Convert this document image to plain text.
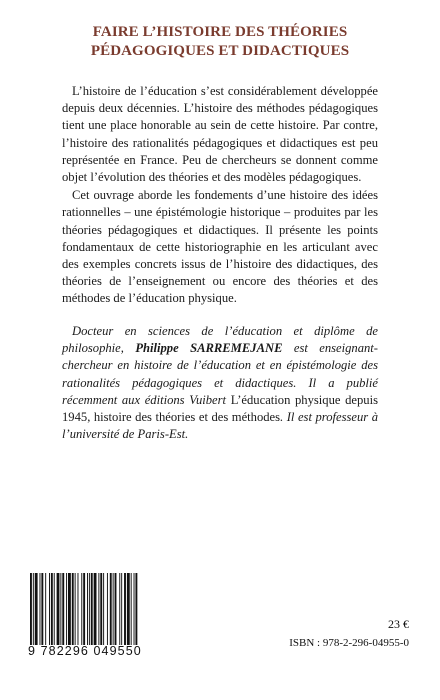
FAIRE L’HISTOIRE DES THÉORIES
PÉDAGOGIQUES ET DIDACTIQUES

L’histoire de l’éducation s’est considérablement développée depuis deux décennies. L’histoire des méthodes pédagogiques tient une place honorable au sein de cette histoire. Par contre, l’histoire des rationalités pédagogiques et didactiques est peu représentée en France. Peu de chercheurs se donnent comme objet l’évolution des théories et des modèles pédagogiques.

Cet ouvrage aborde les fondements d’une histoire des idées rationnelles – une épistémologie historique – produites par les théories pédagogiques et didactiques. Il présente les points fondamentaux de cette historiographie en les articulant avec des exemples concrets issus de l’histoire des didactiques, des théories de l’enseignement ou encore des théories et des méthodes de l’éducation physique.

Docteur en sciences de l’éducation et diplôme de philosophie, Philippe SARREMEJANE est enseignant-chercheur en histoire de l’éducation et en épistémologie des rationalités pédagogiques et didactiques. Il a publié récemment aux éditions Vuibert L’éducation physique depuis 1945, histoire des théories et des méthodes. Il est professeur à l’université de Paris-Est.

9 782296 049550
23 €
ISBN : 978-2-296-04955-0
